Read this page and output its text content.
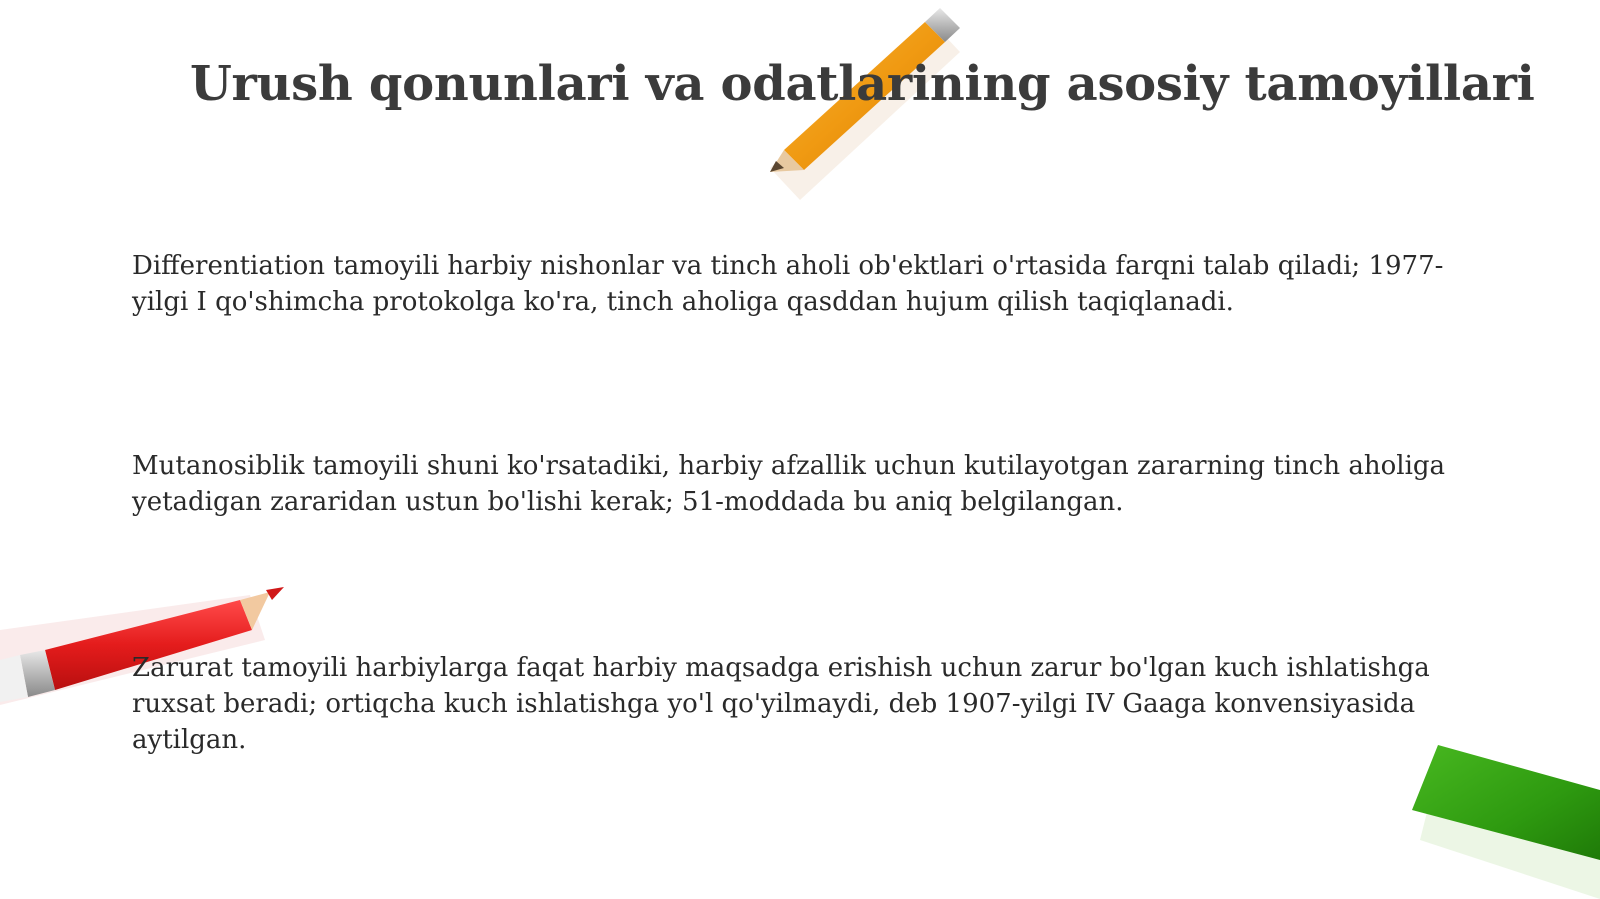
Urush qonunlari va odatlarining asosiy tamoyillari

Differentiation tamoyili harbiy nishonlar va tinch aholi ob'ektlari o'rtasida farqni talab qiladi; 1977-yilgi I qo'shimcha protokolga ko'ra, tinch aholiga qasddan hujum qilish taqiqlanadi.

Mutanosiblik tamoyili shuni ko'rsatadiki, harbiy afzallik uchun kutilayotgan zararning tinch aholiga yetadigan zararidan ustun bo'lishi kerak; 51-moddada bu aniq belgilangan.

Zarurat tamoyili harbiylarga faqat harbiy maqsadga erishish uchun zarur bo'lgan kuch ishlatishga ruxsat beradi; ortiqcha kuch ishlatishga yo'l qo'yilmaydi, deb 1907-yilgi IV Gaaga konvensiyasida aytilgan.
